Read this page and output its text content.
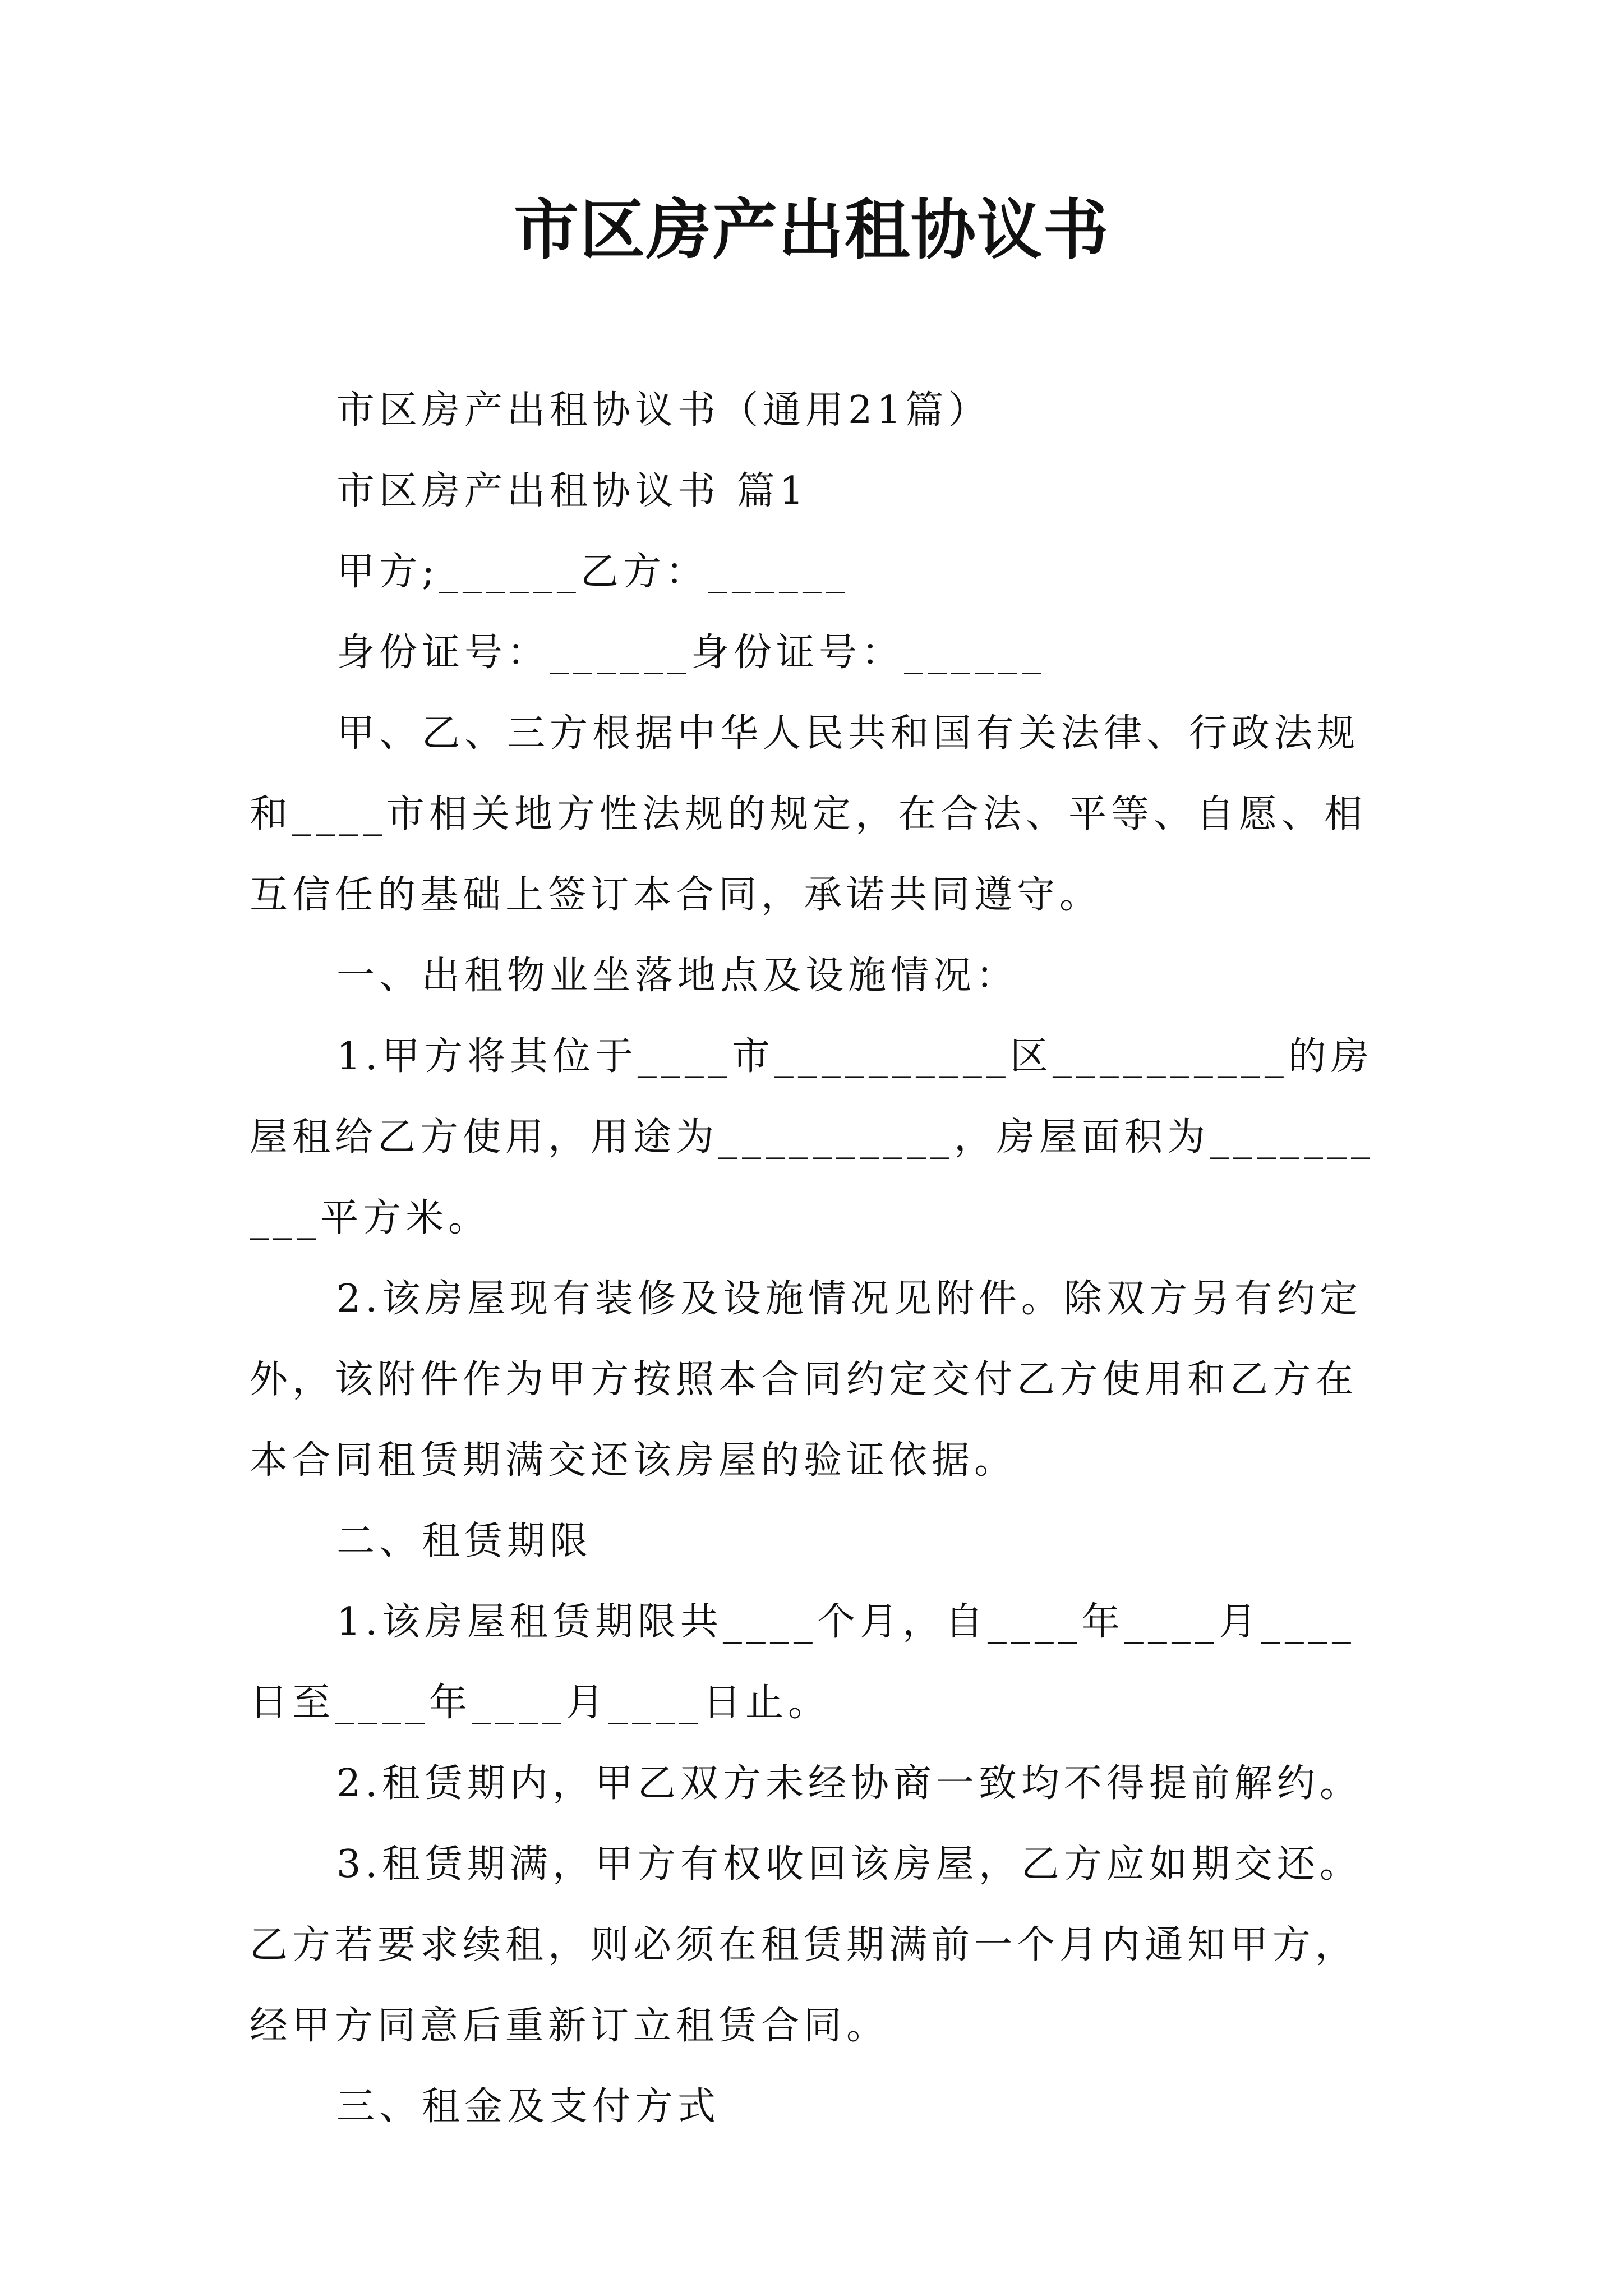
市区房产出租协议书

市区房产出租协议书（通用21篇）

市区房产出租协议书 篇1

甲方;______乙方：______

身份证号：______身份证号：______

甲、乙、三方根据中华人民共和国有关法律、行政法规和____市相关地方性法规的规定，在合法、平等、自愿、相互信任的基础上签订本合同，承诺共同遵守。

一、出租物业坐落地点及设施情况：

1.甲方将其位于____市__________区__________的房屋租给乙方使用，用途为__________，房屋面积为__________平方米。

2.该房屋现有装修及设施情况见附件。除双方另有约定外，该附件作为甲方按照本合同约定交付乙方使用和乙方在本合同租赁期满交还该房屋的验证依据。

二、租赁期限

1.该房屋租赁期限共____个月，自____年____月____日至____年____月____日止。

2.租赁期内，甲乙双方未经协商一致均不得提前解约。

3.租赁期满，甲方有权收回该房屋，乙方应如期交还。乙方若要求续租，则必须在租赁期满前一个月内通知甲方，经甲方同意后重新订立租赁合同。

三、租金及支付方式
